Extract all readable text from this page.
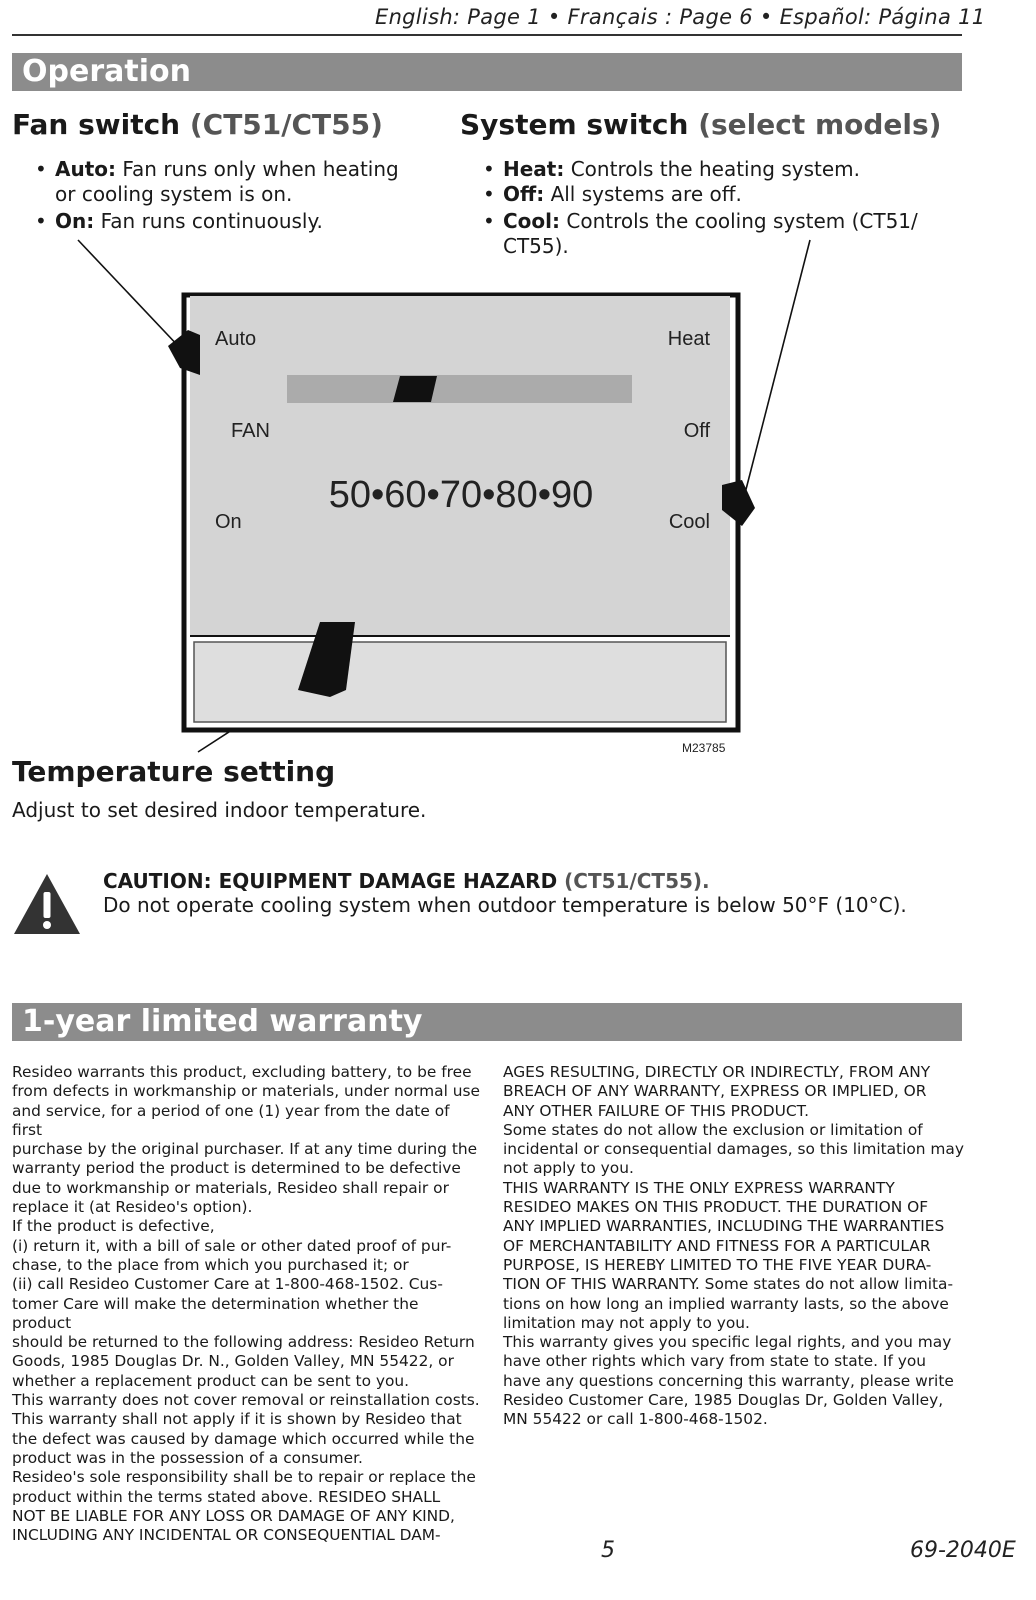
English: Page 1 • Français : Page 6 • Español: Página 11
Operation
Fan switch (CT51/CT55)
• Auto: Fan runs only when heating or cooling system is on.
• On: Fan runs continuously.
System switch (select models)
• Heat: Controls the heating system.
• Off: All systems are off.
• Cool: Controls the cooling system (CT51/ CT55).
Auto
FAN
On
Heat
Off
Cool
50•60•70•80•90
M23785
Temperature setting
Adjust to set desired indoor temperature.
CAUTION: EQUIPMENT DAMAGE HAZARD (CT51/CT55).
Do not operate cooling system when outdoor temperature is below 50°F (10°C).
1-year limited warranty
Resideo warrants this product, excluding battery, to be free
from defects in workmanship or materials, under normal use
and service, for a period of one (1) year from the date of first
purchase by the original purchaser. If at any time during the
warranty period the product is determined to be defective
due to workmanship or materials, Resideo shall repair or
replace it (at Resideo's option).
If the product is defective,
(i) return it, with a bill of sale or other dated proof of pur-
chase, to the place from which you purchased it; or
(ii) call Resideo Customer Care at 1-800-468-1502. Cus-
tomer Care will make the determination whether the product
should be returned to the following address: Resideo Return
Goods, 1985 Douglas Dr. N., Golden Valley, MN 55422, or
whether a replacement product can be sent to you.
This warranty does not cover removal or reinstallation costs.
This warranty shall not apply if it is shown by Resideo that
the defect was caused by damage which occurred while the
product was in the possession of a consumer.
Resideo's sole responsibility shall be to repair or replace the
product within the terms stated above. RESIDEO SHALL
NOT BE LIABLE FOR ANY LOSS OR DAMAGE OF ANY KIND,
INCLUDING ANY INCIDENTAL OR CONSEQUENTIAL DAM-
AGES RESULTING, DIRECTLY OR INDIRECTLY, FROM ANY
BREACH OF ANY WARRANTY, EXPRESS OR IMPLIED, OR
ANY OTHER FAILURE OF THIS PRODUCT.
Some states do not allow the exclusion or limitation of
incidental or consequential damages, so this limitation may
not apply to you.
THIS WARRANTY IS THE ONLY EXPRESS WARRANTY
RESIDEO MAKES ON THIS PRODUCT. THE DURATION OF
ANY IMPLIED WARRANTIES, INCLUDING THE WARRANTIES
OF MERCHANTABILITY AND FITNESS FOR A PARTICULAR
PURPOSE, IS HEREBY LIMITED TO THE FIVE YEAR DURA-
TION OF THIS WARRANTY. Some states do not allow limita-
tions on how long an implied warranty lasts, so the above
limitation may not apply to you.
This warranty gives you specific legal rights, and you may
have other rights which vary from state to state. If you
have any questions concerning this warranty, please write
Resideo Customer Care, 1985 Douglas Dr, Golden Valley,
MN 55422 or call 1-800-468-1502.
5	69-2040E
